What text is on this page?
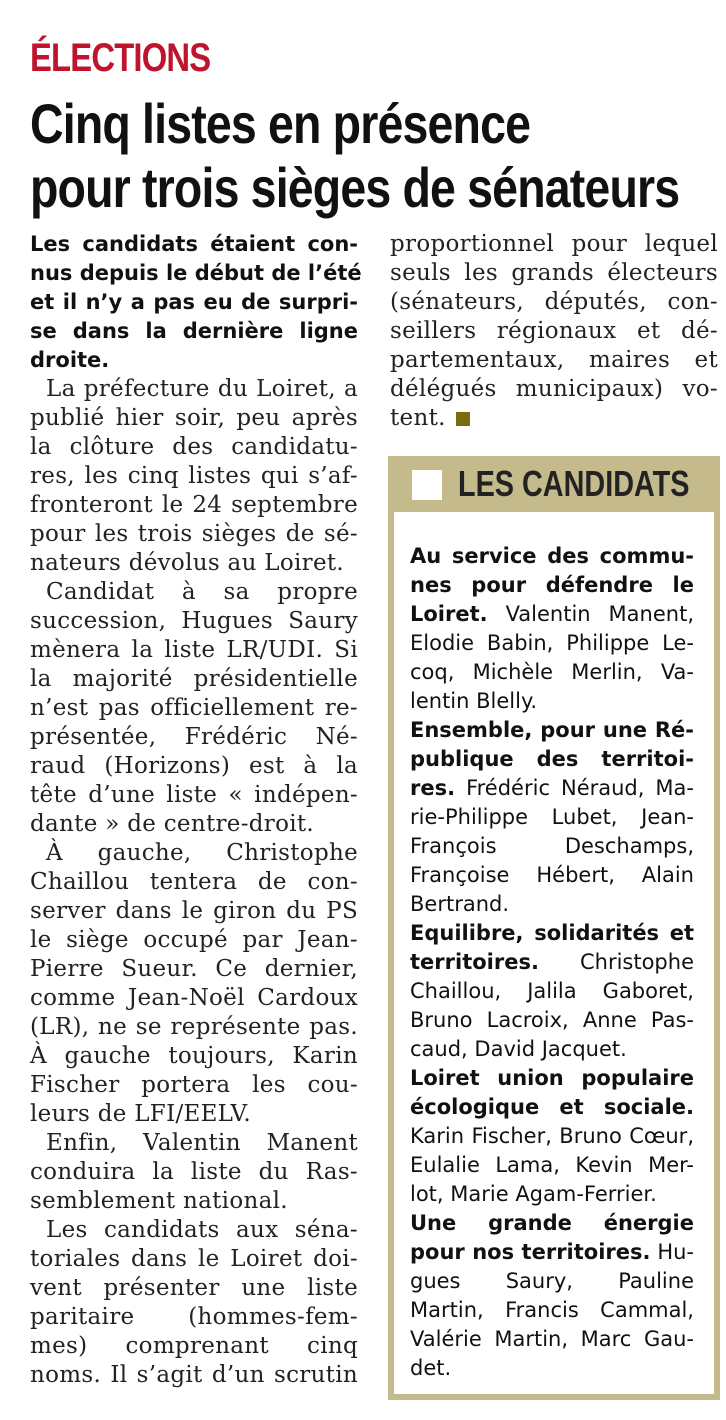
ÉLECTIONS
Cinq listes en présence
pour trois sièges de sénateurs
Les candidats étaient con-
nus depuis le début de l’été
et il n’y a pas eu de surpri-
se dans la dernière ligne
droite.
La préfecture du Loiret, a
publié hier soir, peu après
la clôture des candidatu-
res, les cinq listes qui s’af-
fronteront le 24 septembre
pour les trois sièges de sé-
nateurs dévolus au Loiret.
Candidat à sa propre
succession, Hugues Saury
mènera la liste LR/UDI. Si
la majorité présidentielle
n’est pas officiellement re-
présentée, Frédéric Né-
raud (Horizons) est à la
tête d’une liste « indépen-
dante » de centre-droit.
À gauche, Christophe
Chaillou tentera de con-
server dans le giron du PS
le siège occupé par Jean-
Pierre Sueur. Ce dernier,
comme Jean-Noël Cardoux
(LR), ne se représente pas.
À gauche toujours, Karin
Fischer portera les cou-
leurs de LFI/EELV.
Enfin, Valentin Manent
conduira la liste du Ras-
semblement national.
Les candidats aux séna-
toriales dans le Loiret doi-
vent présenter une liste
paritaire (hommes-fem-
mes) comprenant cinq
noms. Il s’agit d’un scrutin
proportionnel pour lequel
seuls les grands électeurs
(sénateurs, députés, con-
seillers régionaux et dé-
partementaux, maires et
délégués municipaux) vo-
tent.
LES CANDIDATS
Au service des commu-
nes pour défendre le
Loiret. Valentin Manent,
Elodie Babin, Philippe Le-
coq, Michèle Merlin, Va-
lentin Blelly.
Ensemble, pour une Ré-
publique des territoi-
res. Frédéric Néraud, Ma-
rie-Philippe Lubet, Jean-
François Deschamps,
Françoise Hébert, Alain
Bertrand.
Equilibre, solidarités et
territoires. Christophe
Chaillou, Jalila Gaboret,
Bruno Lacroix, Anne Pas-
caud, David Jacquet.
Loiret union populaire
écologique et sociale.
Karin Fischer, Bruno Cœur,
Eulalie Lama, Kevin Mer-
lot, Marie Agam-Ferrier.
Une grande énergie
pour nos territoires. Hu-
gues Saury, Pauline
Martin, Francis Cammal,
Valérie Martin, Marc Gau-
det.
